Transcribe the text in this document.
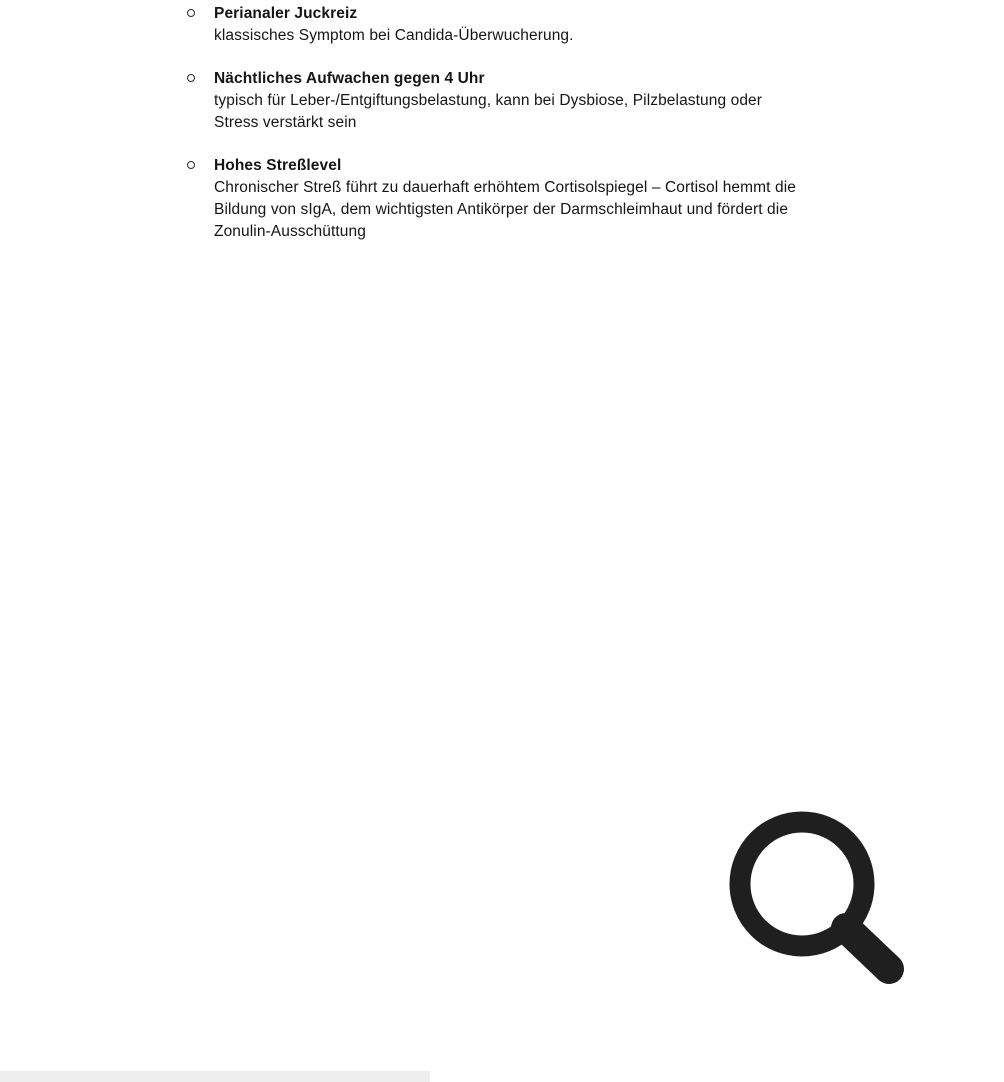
Perianaler Juckreiz
klassisches Symptom bei Candida-Überwucherung.
Nächtliches Aufwachen gegen 4 Uhr
typisch für Leber-/Entgiftungsbelastung, kann bei Dysbiose, Pilzbelastung oder
Stress verstärkt sein
Hohes Streßlevel
Chronischer Streß führt zu dauerhaft erhöhtem Cortisolspiegel – Cortisol hemmt die
Bildung von sIgA, dem wichtigsten Antikörper der Darmschleimhaut und fördert die
Zonulin-Ausschüttung
